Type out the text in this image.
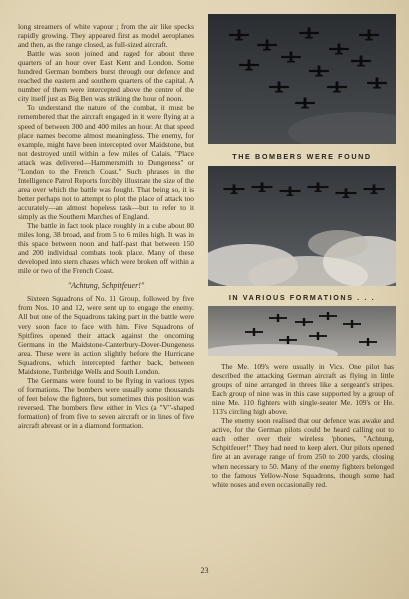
long streamers of white vapour ; from the air like specks rapidly growing. They appeared first as model aeroplanes and then, as the range closed, as full-sized aircraft.

Battle was soon joined and raged for about three quarters of an hour over East Kent and London. Some hundred German bombers burst through our defence and reached the eastern and southern quarters of the capital. A number of them were intercepted above the centre of the city itself just as Big Ben was striking the hour of noon.

To understand the nature of the combat, it must be remembered that the aircraft engaged in it were flying at a speed of between 300 and 400 miles an hour. At that speed place names become almost meaningless. The enemy, for example, might have been intercepted over Maidstone, but not destroyed until within a few miles of Calais. "Place attack was delivered—Hammersmith to Dungeness" or "London to the French Coast." Such phrases in the Intelligence Patrol Reports forcibly illustrate the size of the area over which the battle was fought. That being so, it is better perhaps not to attempt to plot the place of attack too accurately—an almost hopeless task—but to refer to it simply as the Southern Marches of England.

The battle in fact took place roughly in a cube about 80 miles long, 38 broad, and from 5 to 6 miles high. It was in this space between noon and half-past that between 150 and 200 individual combats took place. Many of these developed into stern chases which were broken off within a mile or two of the French Coast.

"Achtung, Schpitfeuer!"

Sixteen Squadrons of No. 11 Group, followed by five from Nos. 10 and 12, were sent up to engage the enemy. All but one of the Squadrons taking part in the battle were very soon face to face with him. Five Squadrons of Spitfires opened their attack against the oncoming Germans in the Maidstone-Canterbury-Dover-Dungeness area. These were in action slightly before the Hurricane Squadrons, which intercepted farther back, between Maidstone, Tunbridge Wells and South London.

The Germans were found to be flying in various types of formations. The bombers were usually some thousands of feet below the fighters, but sometimes this position was reversed. The bombers flew either in Vics (a "V"-shaped formation) of from five to seven aircraft or in lines of five aircraft abreast or in a diamond formation.

THE BOMBERS WERE FOUND
IN VARIOUS FORMATIONS . . .

The Me. 109's were usually in Vics. One pilot has described the attacking German aircraft as flying in little groups of nine arranged in threes like a sergeant's stripes. Each group of nine was in this case supported by a group of nine Me. 110 fighters with single-seater Me. 109's or He. 113's circling high above.

The enemy soon realised that our defence was awake and active, for the German pilots could be heard calling out to each other over their wireless 'phones, "Achtung, Schpitfeuer!" They had need to keep alert. Our pilots opened fire at an average range of from 250 to 200 yards, closing when necessary to 50. Many of the enemy fighters belonged to the famous Yellow-Nose Squadrons, though some had white noses and even occasionally red.

23
